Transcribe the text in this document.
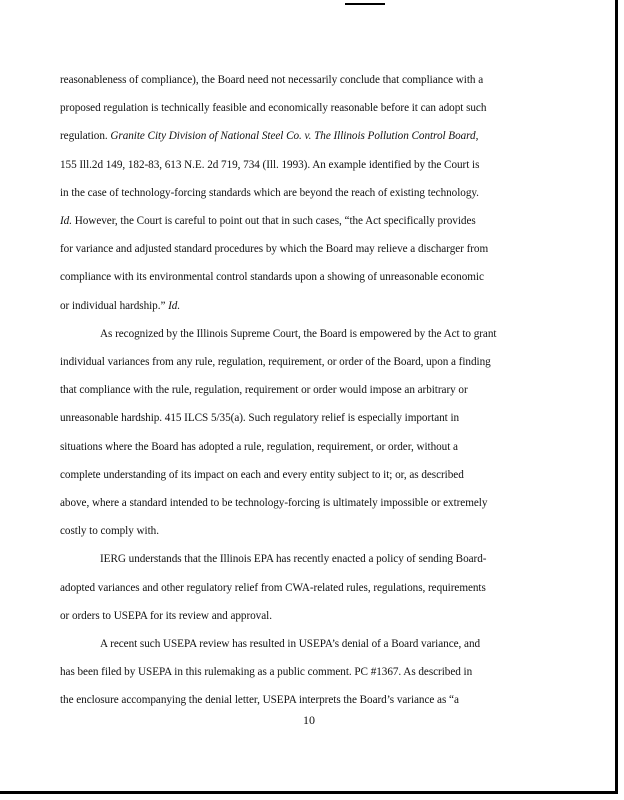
reasonableness of compliance), the Board need not necessarily conclude that compliance with a
proposed regulation is technically feasible and economically reasonable before it can adopt such
regulation. Granite City Division of National Steel Co. v. The Illinois Pollution Control Board,
155 Ill.2d 149, 182-83, 613 N.E. 2d 719, 734 (Ill. 1993). An example identified by the Court is
in the case of technology-forcing standards which are beyond the reach of existing technology.
Id. However, the Court is careful to point out that in such cases, “the Act specifically provides
for variance and adjusted standard procedures by which the Board may relieve a discharger from
compliance with its environmental control standards upon a showing of unreasonable economic
or individual hardship.” Id.
As recognized by the Illinois Supreme Court, the Board is empowered by the Act to grant
individual variances from any rule, regulation, requirement, or order of the Board, upon a finding
that compliance with the rule, regulation, requirement or order would impose an arbitrary or
unreasonable hardship. 415 ILCS 5/35(a). Such regulatory relief is especially important in
situations where the Board has adopted a rule, regulation, requirement, or order, without a
complete understanding of its impact on each and every entity subject to it; or, as described
above, where a standard intended to be technology-forcing is ultimately impossible or extremely
costly to comply with.
IERG understands that the Illinois EPA has recently enacted a policy of sending Board-
adopted variances and other regulatory relief from CWA-related rules, regulations, requirements
or orders to USEPA for its review and approval.
A recent such USEPA review has resulted in USEPA’s denial of a Board variance, and
has been filed by USEPA in this rulemaking as a public comment. PC #1367. As described in
the enclosure accompanying the denial letter, USEPA interprets the Board’s variance as “a
10
